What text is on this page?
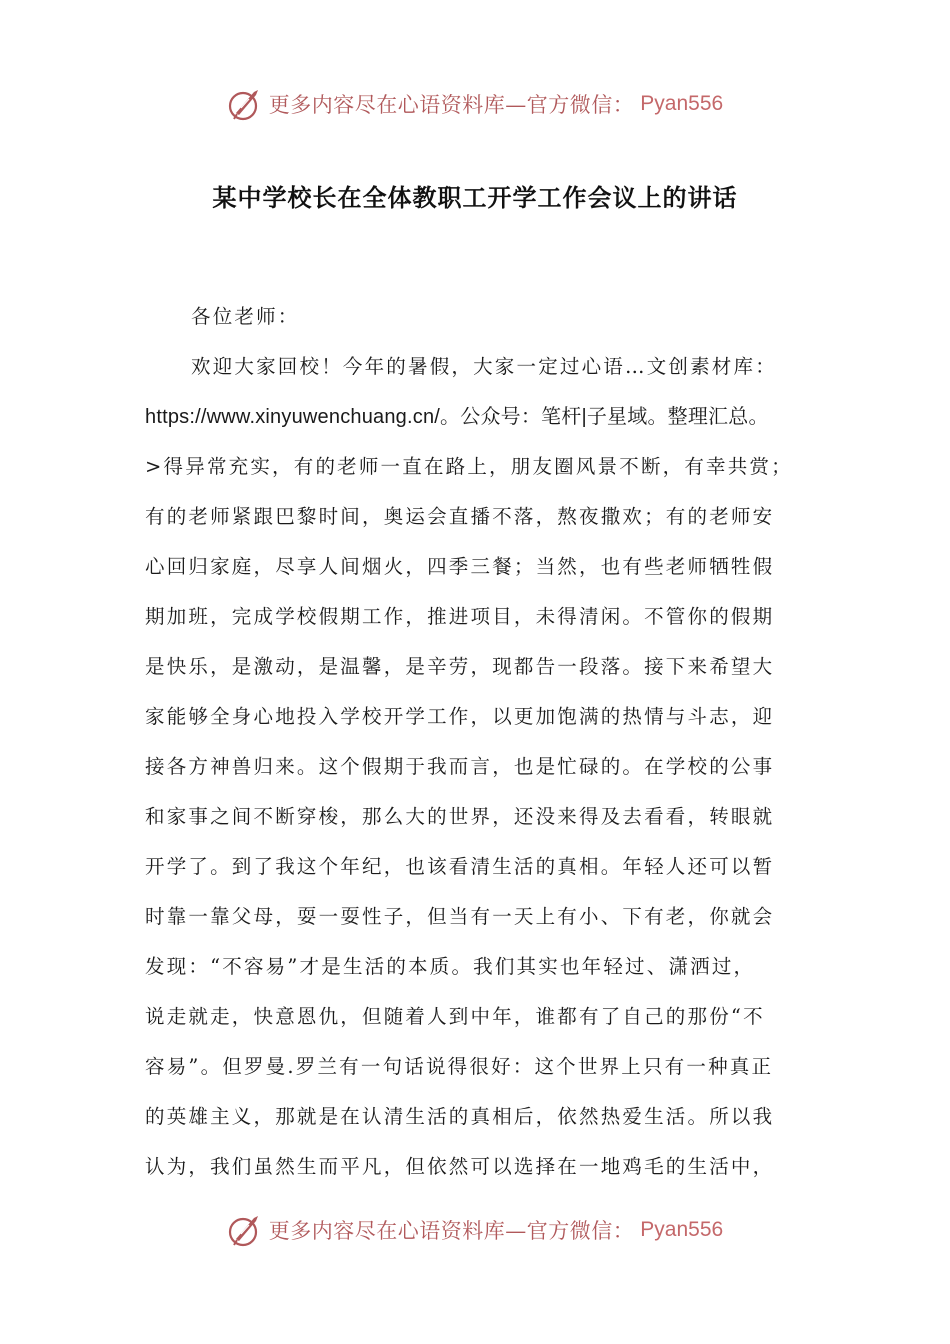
更多内容尽在心语资料库—官方微信： Pyan556
某中学校长在全体教职工开学工作会议上的讲话
各位老师：
欢迎大家回校！今年的暑假，大家一定过心语…文创素材库：
https://www.xinyuwenchuang.cn/。公众号：笔杆|子星域。整理汇总。
>得异常充实，有的老师一直在路上，朋友圈风景不断，有幸共赏；
有的老师紧跟巴黎时间，奥运会直播不落，熬夜撒欢；有的老师安
心回归家庭，尽享人间烟火，四季三餐；当然，也有些老师牺牲假
期加班，完成学校假期工作，推进项目，未得清闲。不管你的假期
是快乐，是激动，是温馨，是辛劳，现都告一段落。接下来希望大
家能够全身心地投入学校开学工作，以更加饱满的热情与斗志，迎
接各方神兽归来。这个假期于我而言，也是忙碌的。在学校的公事
和家事之间不断穿梭，那么大的世界，还没来得及去看看，转眼就
开学了。到了我这个年纪，也该看清生活的真相。年轻人还可以暂
时靠一靠父母，耍一耍性子，但当有一天上有小、下有老，你就会
发现：“不容易”才是生活的本质。我们其实也年轻过、潇洒过，
说走就走，快意恩仇，但随着人到中年，谁都有了自己的那份“不
容易”。但罗曼.罗兰有一句话说得很好：这个世界上只有一种真正
的英雄主义，那就是在认清生活的真相后，依然热爱生活。所以我
认为，我们虽然生而平凡，但依然可以选择在一地鸡毛的生活中，
更多内容尽在心语资料库—官方微信： Pyan556
